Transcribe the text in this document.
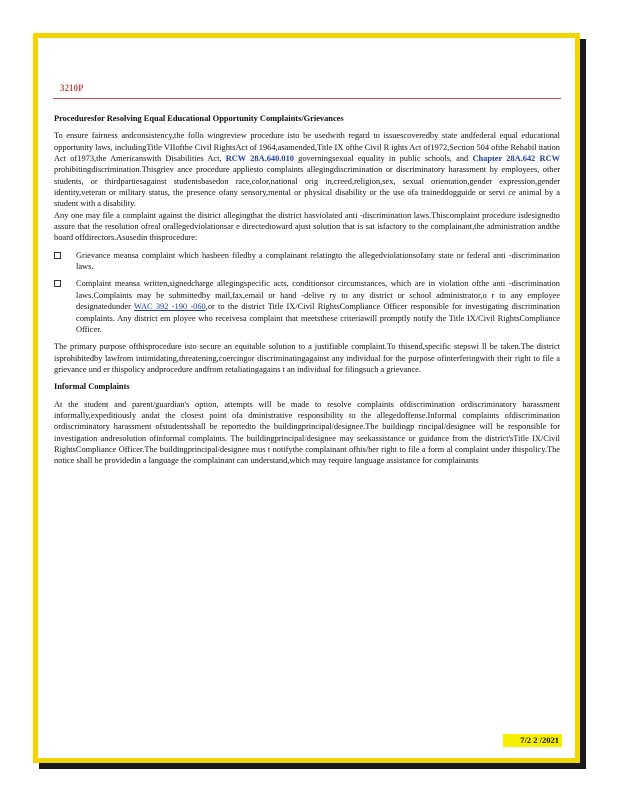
3210P

Proceduresfor Resolving Equal Educational Opportunity Complaints/Grievances

To ensure fairness andconsistency,the follo wingreview procedure isto be usedwith regard to issuescoveredby state andfederal equal educational opportunity laws, includingTitle VIIofthe Civil RightsAct of 1964,asamended,Title IX ofthe Civil R ights Act of1972,Section 504 ofthe Rehabil itation Act of1973,the Americanswith Disabilities Act, RCW 28A.640.010 governingsexual equality in public schools, and Chapter 28A.642 RCW prohibitingdiscrimination.Thisgriev ance procedure appliesto complaints allegingdiscrimination or discriminatory harassment by employees, other students, or thirdpartiesagainst studentsbasedon race,color,national orig in,creed,religion,sex, sexual orientation,gender expression,gender identity,veteran or military status, the presence ofany sensory,mental or physical disability or the use ofa traineddogguide or servi ce animal by a student with a disability.

Any one may file a complaint against the district allegingthat the district hasviolated anti -discrimination laws.Thiscomplaint procedure isdesignedto assure that the resolution ofreal orallegedviolationsar e directedtoward ajust solution that is sat isfactory to the complainant,the administration andthe board offdirectors.Asusedin thisprocedure:

Grievance meansa complaint which hasbeen filedby a complainant relatingto the allegedviolationsofany state or federal anti -discrimination laws.
Complaint meansa written,signedcharge allegingspecific acts, conditionsor circumstances, which are in violation ofthe anti -discrimination laws.Complaints may be submittedby mail,fax,email or hand -delive ry to any district or school administrator,o r to any employee designatedunder WAC 392 -190 -060,or to the district Title IX/Civil RightsCompliance Officer responsible for investigating discrimination complaints. Any district em ployee who receivesa complaint that meetsthese criteriawill promptly notify the Title IX/Civil RightsCompliance Officer.

The primary purpose ofthisprocedure isto secure an equitable solution to a justifiable complaint.To thisend,specific stepswi ll be taken.The district isprohibitedby lawfrom intimidating,threatening,coercingor discriminatingagainst any individual for the purpose ofinterferingwith their right to file a grievance und er thispolicy andprocedure andfrom retaliatingagains t an individual for filingsuch a grievance.

Informal Complaints

At the student and parent/guardian's option, attempts will be made to resolve complaints ofdiscrimination ordiscriminatory harassment informally,expeditiously andat the closest point ofa dministrative responsibility to the allegedoffense.Informal complaints ofdiscrimination ordiscriminatory harassment ofstudentsshall be reportedto the buildingprincipal/designee.The buildingp rincipal/designee will be responsible for investigation andresolution ofinformal complaints. The buildingprincipal/designee may seekassistance or guidance from the district'sTitle IX/Civil RightsCompliance Officer.The buildingprincipal/designee mus t notifythe complainant ofhis/her right to file a form al complaint under thispolicy.The notice shall be providedin a language the complainant can understand,which may require language assistance for complainants

7/2 2 /2021
